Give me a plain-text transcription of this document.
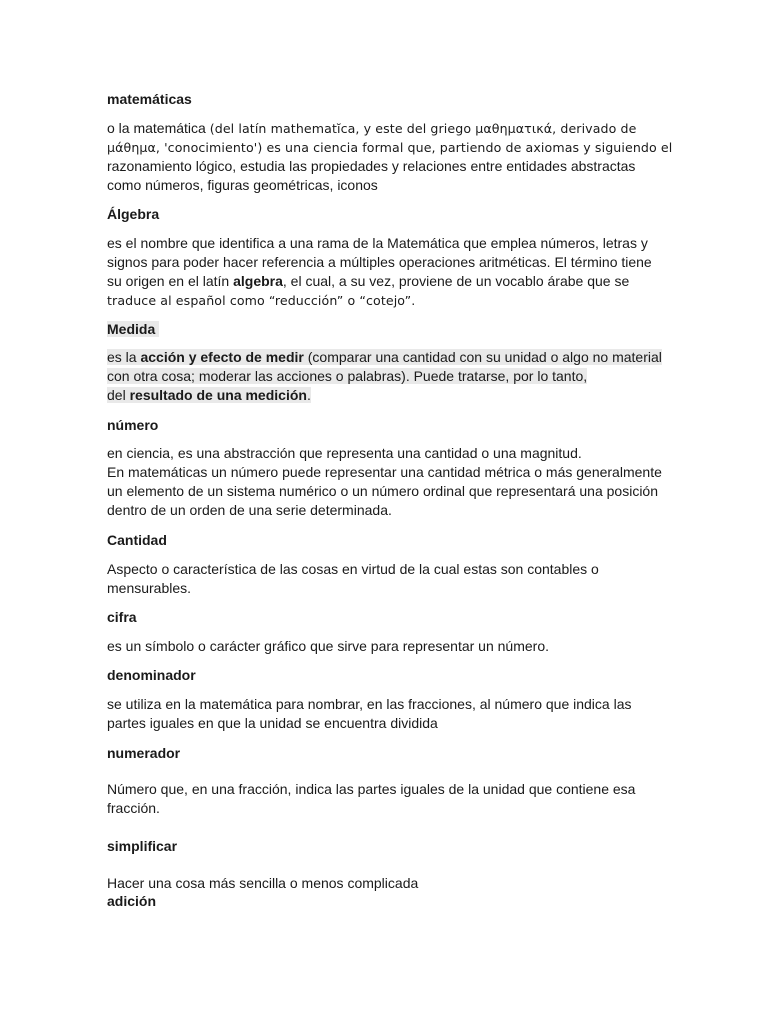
matemáticas
o la matemática (del latín mathematĭca, y este del griego μαθηματικά, derivado de
μάθημα, 'conocimiento') es una ciencia formal que, partiendo de axiomas y siguiendo el
razonamiento lógico, estudia las propiedades y relaciones entre entidades abstractas
como números, figuras geométricas, iconos
Álgebra
es el nombre que identifica a una rama de la Matemática que emplea números, letras y
signos para poder hacer referencia a múltiples operaciones aritméticas. El término tiene
su origen en el latín algebra, el cual, a su vez, proviene de un vocablo árabe que se
traduce al español como “reducción” o “cotejo”.
Medida
es la acción y efecto de medir (comparar una cantidad con su unidad o algo no material
con otra cosa; moderar las acciones o palabras). Puede tratarse, por lo tanto,
del resultado de una medición.
número
en ciencia, es una abstracción que representa una cantidad o una magnitud.
En matemáticas un número puede representar una cantidad métrica o más generalmente
un elemento de un sistema numérico o un número ordinal que representará una posición
dentro de un orden de una serie determinada.
Cantidad
Aspecto o característica de las cosas en virtud de la cual estas son contables o
mensurables.
cifra
es un símbolo o carácter gráfico que sirve para representar un número.
denominador
se utiliza en la matemática para nombrar, en las fracciones, al número que indica las
partes iguales en que la unidad se encuentra dividida
numerador
Número que, en una fracción, indica las partes iguales de la unidad que contiene esa
fracción.
simplificar
Hacer una cosa más sencilla o menos complicada
adición
